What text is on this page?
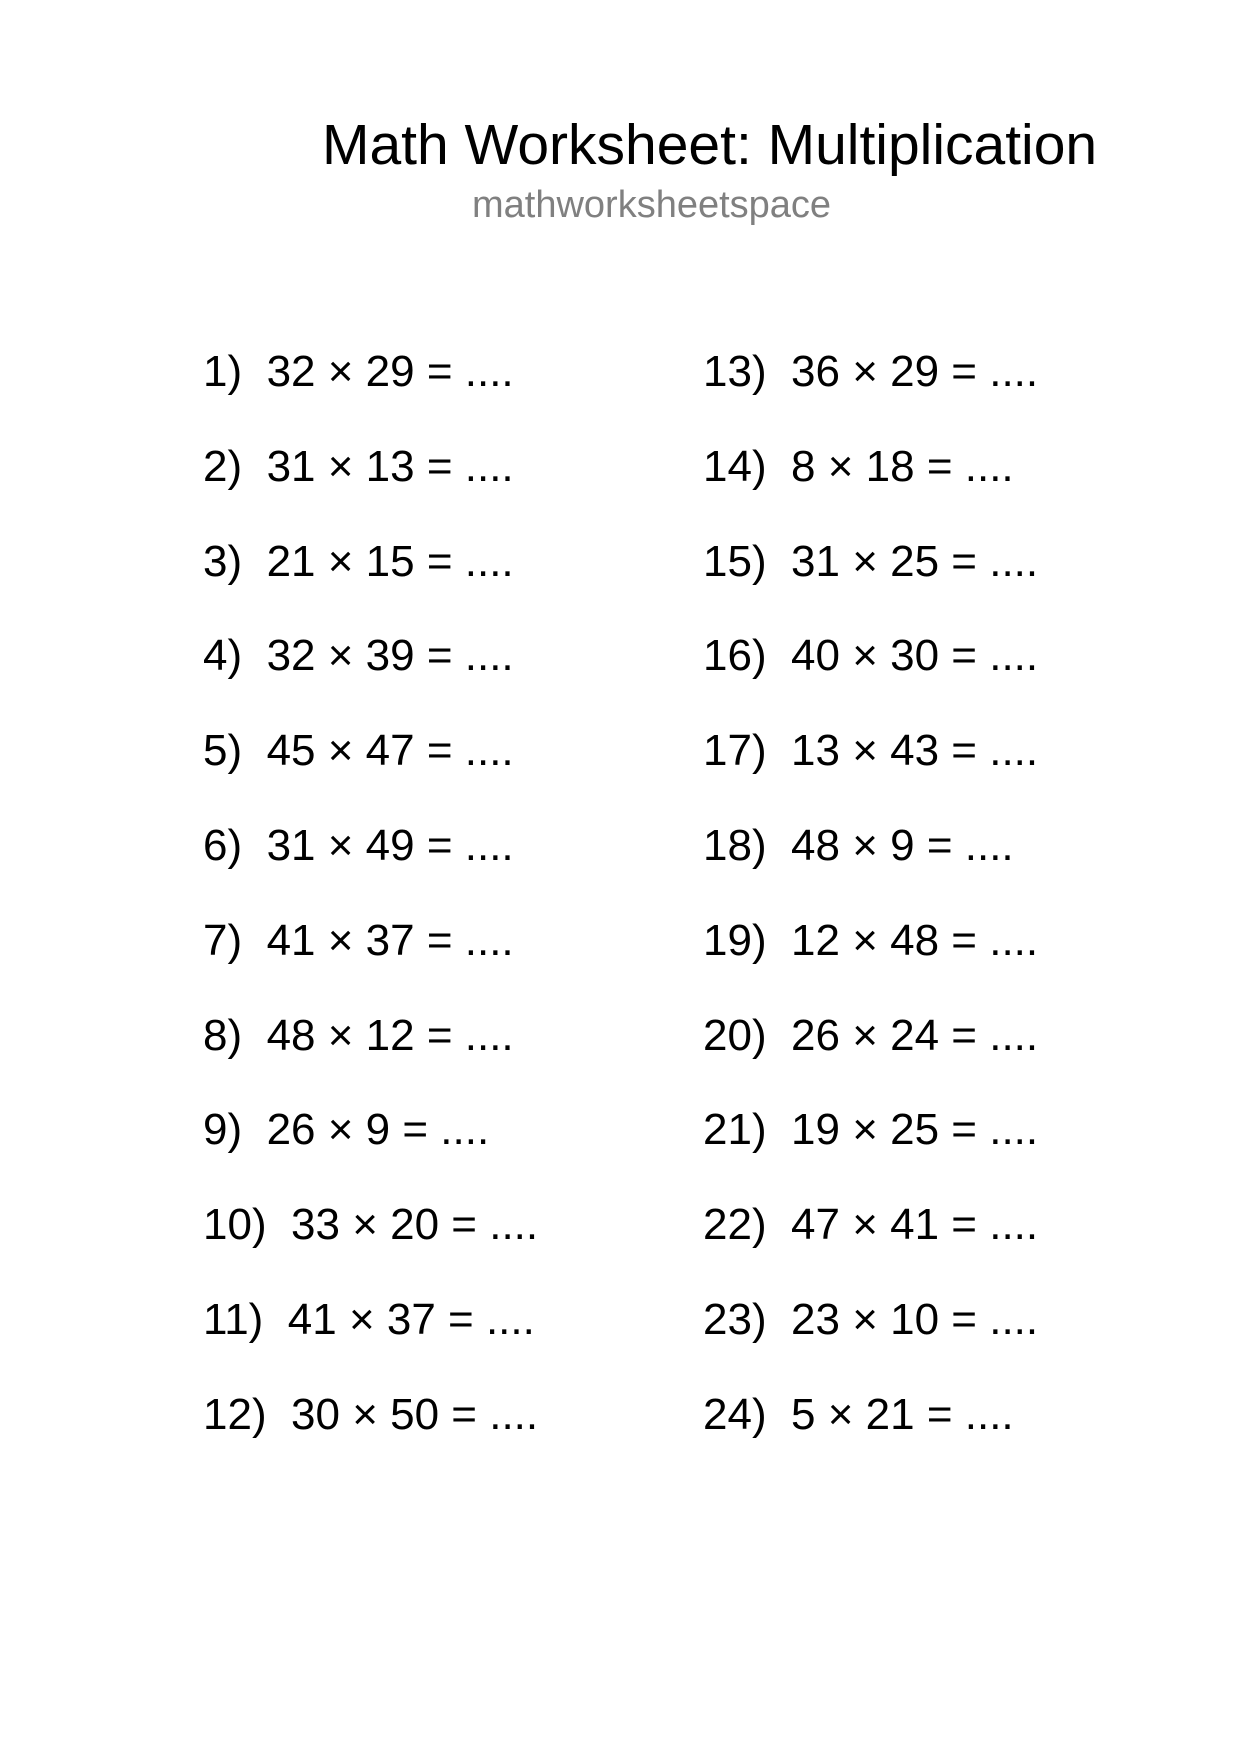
Math Worksheet: Multiplication
mathworksheetspace
1) 32 × 29 = ....
2) 31 × 13 = ....
3) 21 × 15 = ....
4) 32 × 39 = ....
5) 45 × 47 = ....
6) 31 × 49 = ....
7) 41 × 37 = ....
8) 48 × 12 = ....
9) 26 × 9 = ....
10) 33 × 20 = ....
11) 41 × 37 = ....
12) 30 × 50 = ....
13) 36 × 29 = ....
14) 8 × 18 = ....
15) 31 × 25 = ....
16) 40 × 30 = ....
17) 13 × 43 = ....
18) 48 × 9 = ....
19) 12 × 48 = ....
20) 26 × 24 = ....
21) 19 × 25 = ....
22) 47 × 41 = ....
23) 23 × 10 = ....
24) 5 × 21 = ....
